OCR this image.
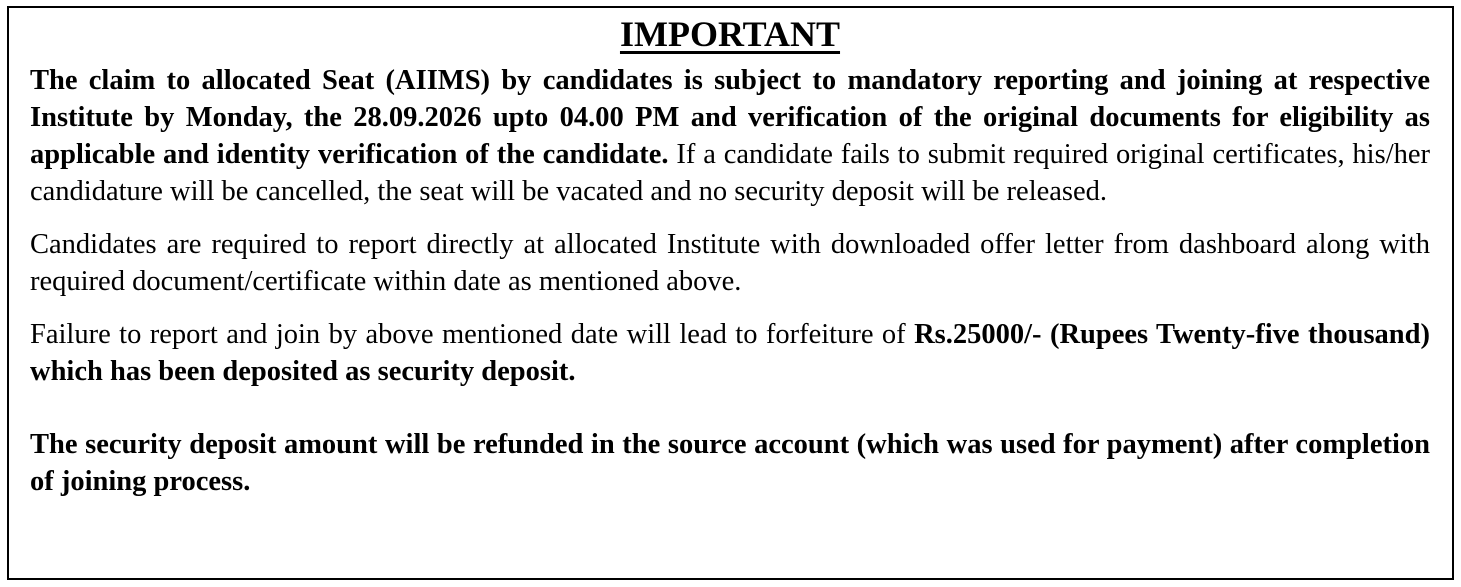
IMPORTANT

The claim to allocated Seat (AIIMS) by candidates is subject to mandatory reporting and joining at respective Institute by Monday, the 28.09.2026 upto 04.00 PM and verification of the original documents for eligibility as applicable and identity verification of the candidate. If a candidate fails to submit required original certificates, his/her candidature will be cancelled, the seat will be vacated and no security deposit will be released.

Candidates are required to report directly at allocated Institute with downloaded offer letter from dashboard along with required document/certificate within date as mentioned above.

Failure to report and join by above mentioned date will lead to forfeiture of Rs.25000/- (Rupees Twenty-five thousand) which has been deposited as security deposit.

The security deposit amount will be refunded in the source account (which was used for payment) after completion of joining process.
